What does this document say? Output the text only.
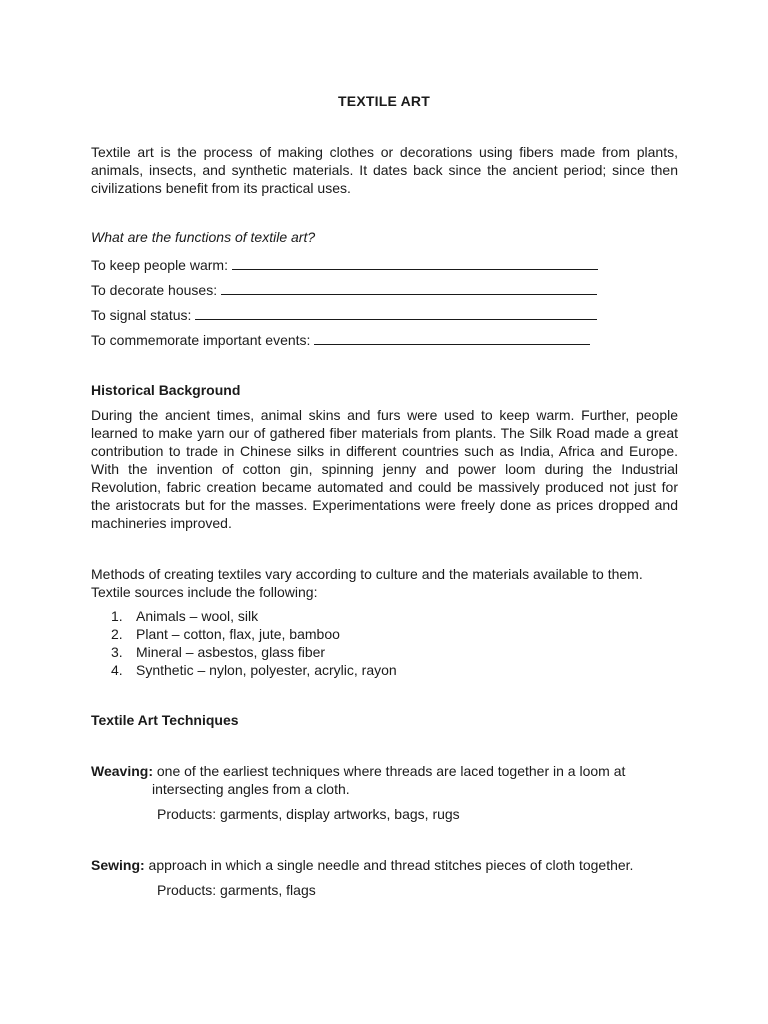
TEXTILE ART

Textile art is the process of making clothes or decorations using fibers made from plants, animals, insects, and synthetic materials. It dates back since the ancient period; since then civilizations benefit from its practical uses.

What are the functions of textile art?
To keep people warm:
To decorate houses:
To signal status:
To commemorate important events:
Historical Background

During the ancient times, animal skins and furs were used to keep warm. Further, people learned to make yarn our of gathered fiber materials from plants. The Silk Road made a great contribution to trade in Chinese silks in different countries such as India, Africa and Europe. With the invention of cotton gin, spinning jenny and power loom during the Industrial Revolution, fabric creation became automated and could be massively produced not just for the aristocrats but for the masses. Experimentations were freely done as prices dropped and machineries improved.

Methods of creating textiles vary according to culture and the materials available to them. Textile sources include the following:

1. Animals – wool, silk
2. Plant – cotton, flax, jute, bamboo
3. Mineral – asbestos, glass fiber
4. Synthetic – nylon, polyester, acrylic, rayon
Textile Art Techniques
Weaving: one of the earliest techniques where threads are laced together in a loom at
intersecting angles from a cloth.
Products: garments, display artworks, bags, rugs
Sewing: approach in which a single needle and thread stitches pieces of cloth together.
Products: garments, flags
